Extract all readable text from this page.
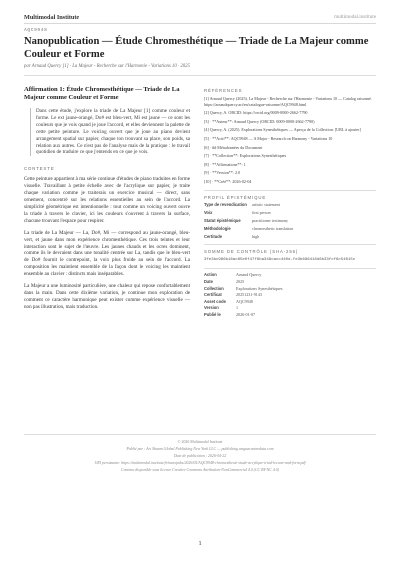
Multimodal Institute	multimodal.institute
AQC9948
Nanopublication — Étude Chromesthétique — Triade de La Majeur comme Couleur et Forme
par Arnaud Quercy [1] · La Majeur - Recherche sur l'Harmonie - Variations 10 · 2025
Affirmation 1: Étude Chromesthétique — Triade de La Majeur comme Couleur et Forme
Dans cette étude, j'explore la triade de La Majeur [1] comme couleur et forme. Le ext jaune-orangé, Do# est bleu-vert, Mi est jaune — ce sont les couleurs que je vois quand je joue l'accord, et elles deviennent la palette de cette petite peinture. Le voicing ouvert que je joue au piano devient arrangement spatial sur papier, chaque ton trouvant sa place, son poids, sa relation aux autres. Ce n'est pas de l'analyse mais de la pratique : le travail quotidien de traduire ce que j'entends en ce que je vois.
CONTEXTE

Cette peinture appartient à ma série continue d'études de piano traduites en forme visuelle. Travaillant à petite échelle avec de l'acrylique sur papier, je traite chaque variation comme je traiterais un exercice musical — direct, sans ornement, concentré sur les relations essentielles au sein de l'accord. La simplicité géométrique est intentionnelle : tout comme un voicing ouvert ouvre la triade à travers le clavier, ici les couleurs s'ouvrent à travers la surface, chacune trouvant l'espace pour respirer.

La triade de La Majeur — La, Do#, Mi — correspond au jaune-orangé, bleu-vert, et jaune dans mon expérience chromesthétique. Ces trois teintes et leur interaction sont le sujet de l'œuvre. Les jaunes chauds et les ocres dominent, comme ils le devraient dans une tonalité centrée sur La, tandis que le bleu-vert de Do# fournit le contrepoint, la voix plus froide au sein de l'accord. La composition les maintient ensemble de la façon dont le voicing les maintient ensemble au clavier : distincts mais inséparables.

La Majeur a une luminosité particulière, une chaleur qui repose confortablement dans la main. Dans cette dixième variation, je continue mon exploration de comment ce caractère harmonique peut exister comme expérience visuelle — non pas illustration, mais traduction.

RÉFÉRENCES
[1] Arnaud Quercy (2025). La Majeur - Recherche sur l'Harmonie - Variations 10 — Catalog raisonné. https://arnaudquercy.art/en/catalogue-raisonne/AQC9948.html
[2] Quercy, A. ORCID: https://orcid.org/0009-0000-2662-7790
[3] · **Auteur**: Arnaud Quercy (ORCID: 0009-0000-2662-7790)
[4] Quercy, A. (2025). Explorations Synesthétiques — Aperçu de la Collection. [URL à ajouter]
[5] · **Actif**: AQC9948 — A Major - Research on Harmony - Variations 10
[6] · ## Métadonnées du Document
[7] · **Collection**: Explorations Synesthétiques
[8] · **Affirmations**: 1
[9] · **Version**: 2.0
[10] · **Créé**: 2026-02-04
PROFIL ÉPISTÉMIQUE
Type de revendication	artistic statement
Voix	first person
Statut épistémique	practitioner testimony
Méthodologie	chromesthetic translation
Certitude	high
SOMME DE CONTRÔLE (SHA-256)
3fe3bc986b16ac85e0f47f9ba348cacc440d-fe3b686418d6b33fcf6c54015c
Action	Arnaud Quercy
Date	2025
Collection	Explorations Synesthétiques
Certificat	20251231-9143
Asset code	AQC9948
Version	1
Publié le	2026-01-07
© 2026 Multimodal Institute
Publié par : Art Shaam Global Publishing New York LLC — publishing.artguaranteedata.com
Date de publication : 2026-04-22
URI persistante: https://multimodal.institute/fr/nanopubs/2026/05/AQC9948-chromesthesie-etude-acrylique-triad-lecture-and-form.pdf
Contenu disponible sous licence Creative Commons Attribution-NonCommercial 4.0 (CC BY-NC 4.0)
1
